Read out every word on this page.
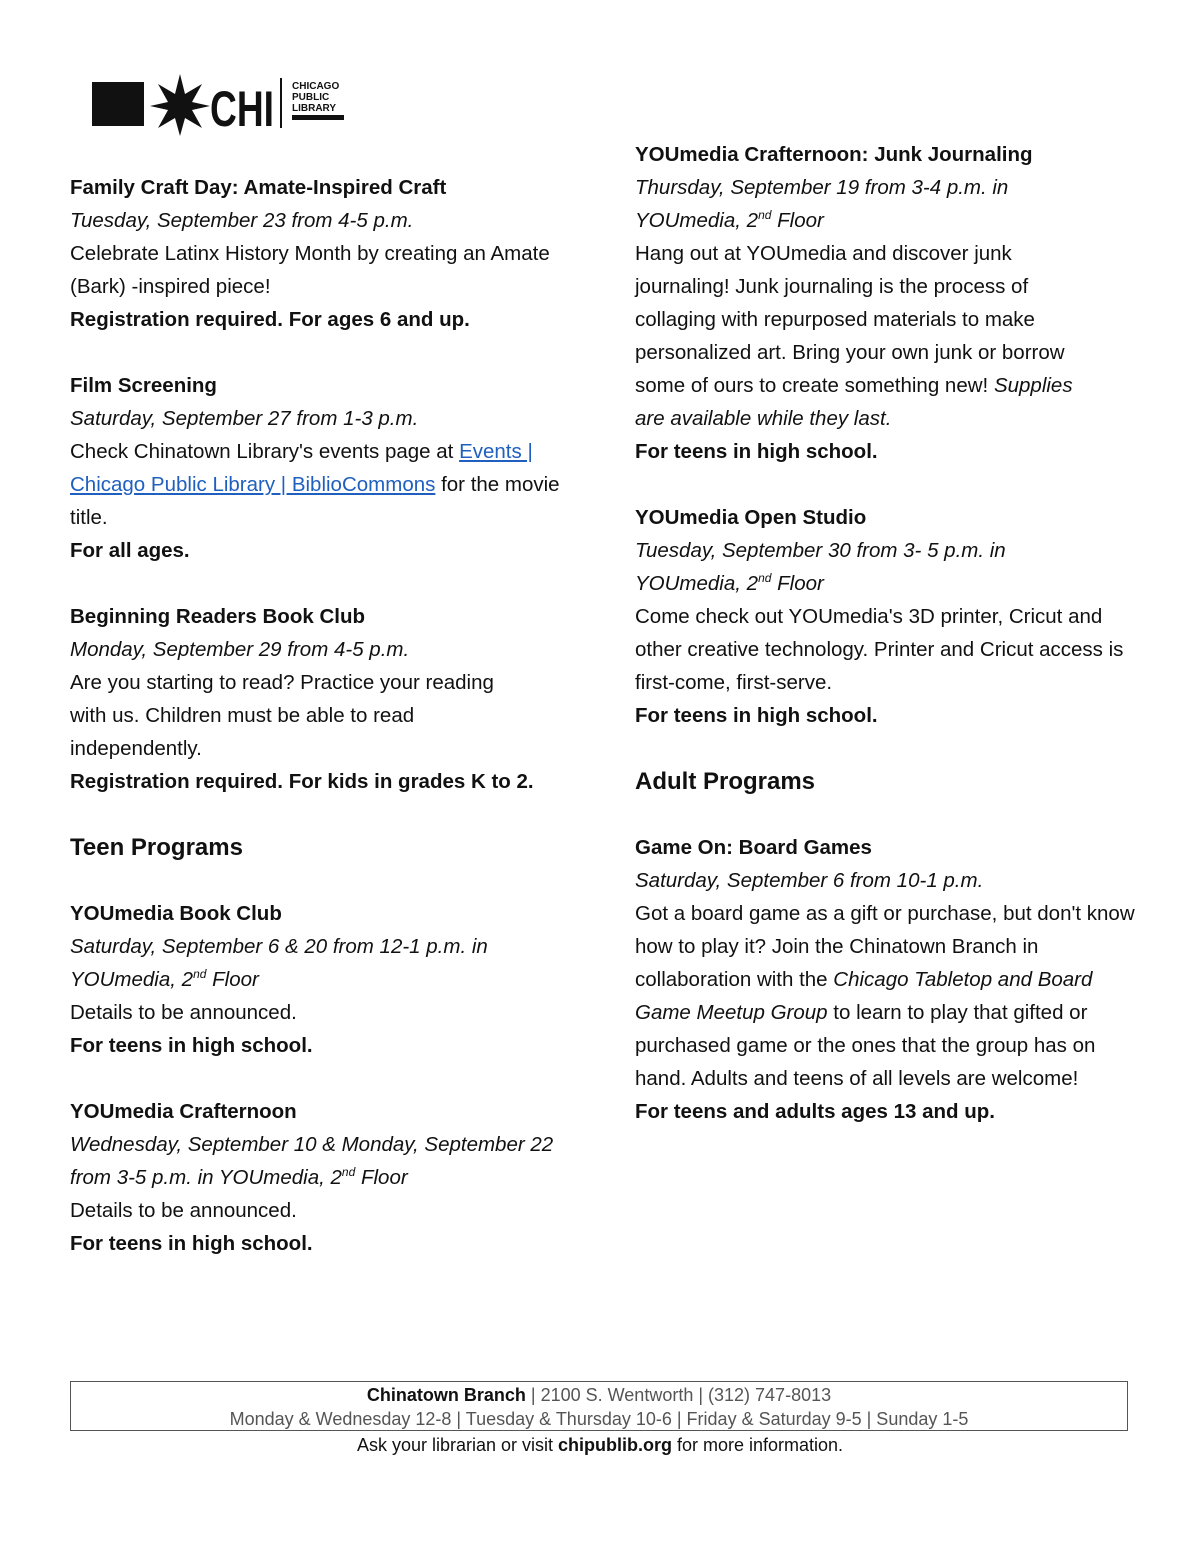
CHI CHICAGO
PUBLIC
LIBRARY

Family Craft Day: Amate-Inspired Craft

Tuesday, September 23 from 4-5 p.m.

Celebrate Latinx History Month by creating an Amate (Bark) -inspired piece!

Registration required. For ages 6 and up.

Film Screening

Saturday, September 27 from 1-3 p.m.

Check Chinatown Library's events page at Events | Chicago Public Library | BiblioCommons for the movie title.

For all ages.

Beginning Readers Book Club

Monday, September 29 from 4-5 p.m.

Are you starting to read? Practice your reading with us. Children must be able to read independently.

Registration required. For kids in grades K to 2.

Teen Programs

YOUmedia Book Club

Saturday, September 6 & 20 from 12-1 p.m. in YOUmedia, 2nd Floor

Details to be announced.

For teens in high school.

YOUmedia Crafternoon

Wednesday, September 10 & Monday, September 22 from 3-5 p.m. in YOUmedia, 2nd Floor

Details to be announced.

For teens in high school.

YOUmedia Crafternoon: Junk Journaling

Thursday, September 19 from 3-4 p.m. in YOUmedia, 2nd Floor

Hang out at YOUmedia and discover junk journaling! Junk journaling is the process of collaging with repurposed materials to make personalized art. Bring your own junk or borrow some of ours to create something new! Supplies are available while they last.

For teens in high school.

YOUmedia Open Studio

Tuesday, September 30 from 3- 5 p.m. in YOUmedia, 2nd Floor

Come check out YOUmedia's 3D printer, Cricut and other creative technology. Printer and Cricut access is first-come, first-serve.

For teens in high school.

Adult Programs

Game On: Board Games

Saturday, September 6 from 10-1 p.m.

Got a board game as a gift or purchase, but don't know how to play it? Join the Chinatown Branch in collaboration with the Chicago Tabletop and Board Game Meetup Group to learn to play that gifted or purchased game or the ones that the group has on hand. Adults and teens of all levels are welcome!

For teens and adults ages 13 and up.

Chinatown Branch | 2100 S. Wentworth | (312) 747-8013
Monday & Wednesday 12-8 | Tuesday & Thursday 10-6 | Friday & Saturday 9-5 | Sunday 1-5
Ask your librarian or visit chipublib.org for more information.
